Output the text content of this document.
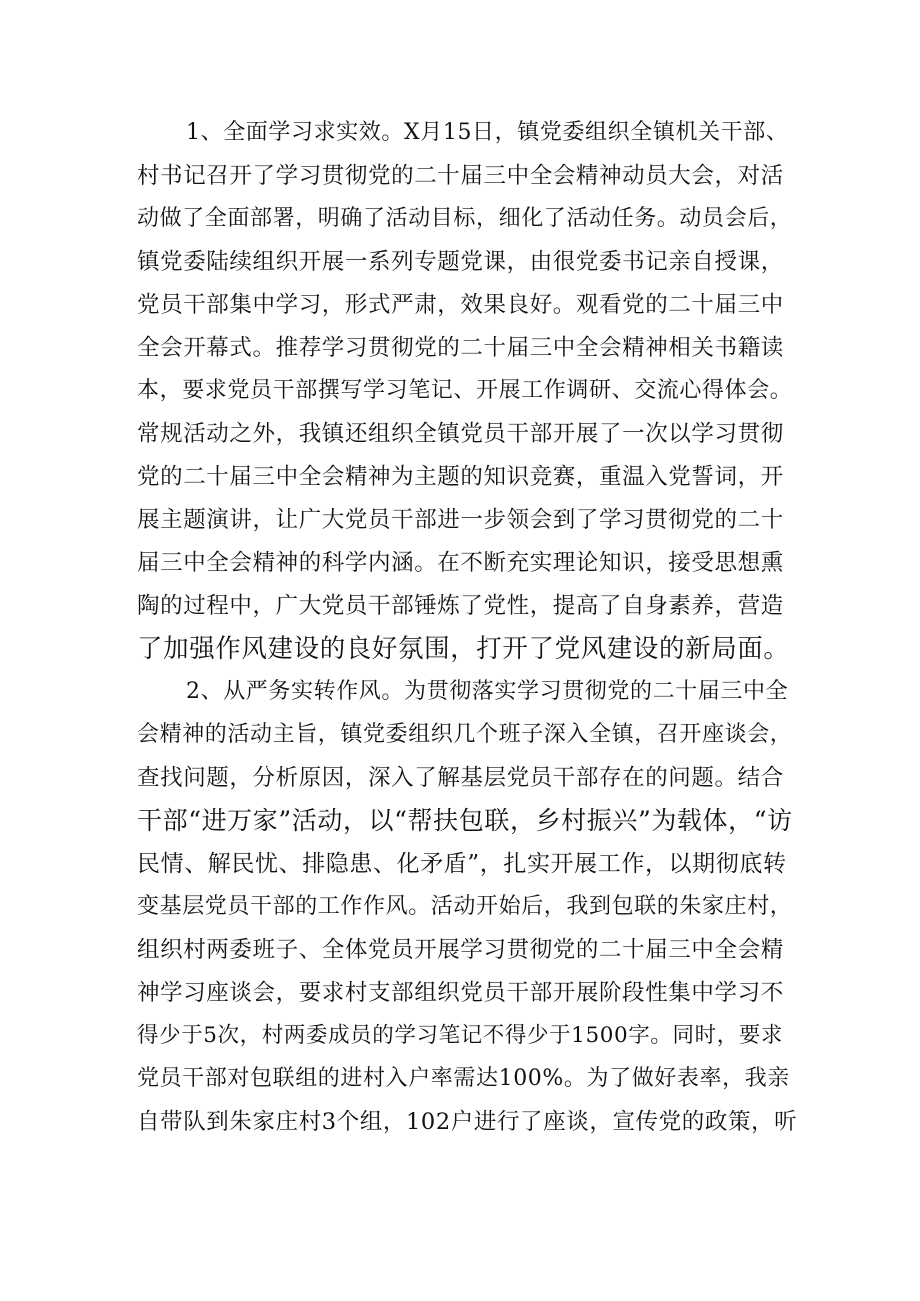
1、全面学习求实效。X月15日，镇党委组织全镇机关干部、
村书记召开了学习贯彻党的二十届三中全会精神动员大会，对活
动做了全面部署，明确了活动目标，细化了活动任务。动员会后，
镇党委陆续组织开展一系列专题党课，由很党委书记亲自授课，
党员干部集中学习，形式严肃，效果良好。观看党的二十届三中
全会开幕式。推荐学习贯彻党的二十届三中全会精神相关书籍读
本，要求党员干部撰写学习笔记、开展工作调研、交流心得体会。
常规活动之外，我镇还组织全镇党员干部开展了一次以学习贯彻
党的二十届三中全会精神为主题的知识竞赛，重温入党誓词，开
展主题演讲，让广大党员干部进一步领会到了学习贯彻党的二十
届三中全会精神的科学内涵。在不断充实理论知识，接受思想熏
陶的过程中，广大党员干部锤炼了党性，提高了自身素养，营造
了加强作风建设的良好氛围，打开了党风建设的新局面。
2、从严务实转作风。为贯彻落实学习贯彻党的二十届三中全
会精神的活动主旨，镇党委组织几个班子深入全镇，召开座谈会，
查找问题，分析原因，深入了解基层党员干部存在的问题。结合
干部“进万家”活动，以“帮扶包联，乡村振兴”为载体，“访
民情、解民忧、排隐患、化矛盾”，扎实开展工作，以期彻底转
变基层党员干部的工作作风。活动开始后，我到包联的朱家庄村，
组织村两委班子、全体党员开展学习贯彻党的二十届三中全会精
神学习座谈会，要求村支部组织党员干部开展阶段性集中学习不
得少于5次，村两委成员的学习笔记不得少于1500字。同时，要求
党员干部对包联组的进村入户率需达100%。为了做好表率，我亲
自带队到朱家庄村3个组，102户进行了座谈，宣传党的政策，听
